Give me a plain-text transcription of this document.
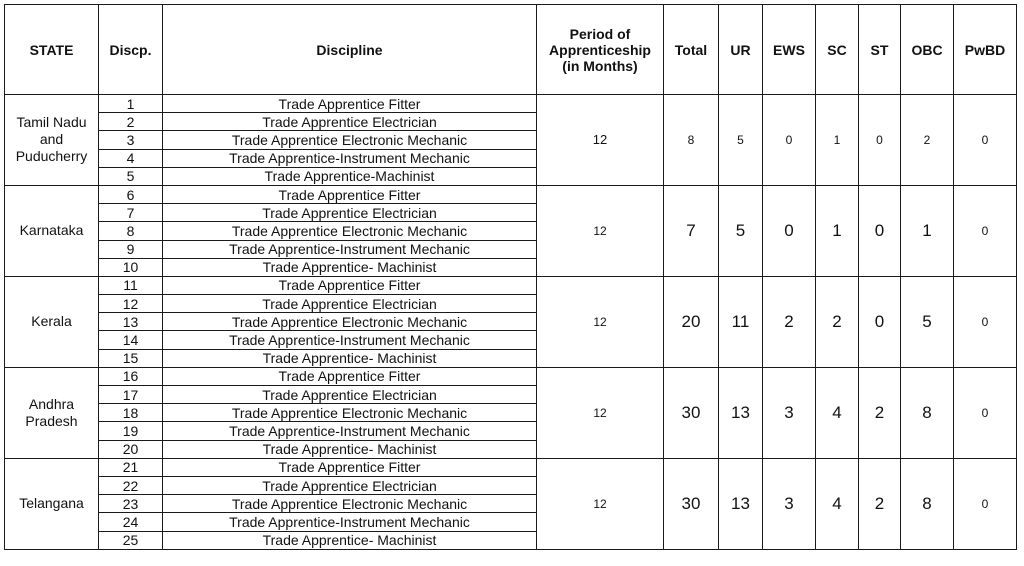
STATE	Discp.	Discipline	Period of
Apprenticeship
(in Months)	Total	UR	EWS	SC	ST	OBC	PwBD

Tamil Nadu
and
Puducherry	1	Trade Apprentice Fitter	12	8	5	0	1	0	2	0
	2	Trade Apprentice Electrician								
	3	Trade Apprentice Electronic Mechanic								
	4	Trade Apprentice-Instrument Mechanic								
	5	Trade Apprentice-Machinist								

Karnataka	6	Trade Apprentice Fitter	12	7	5	0	1	0	1	0
	7	Trade Apprentice Electrician								
	8	Trade Apprentice Electronic Mechanic								
	9	Trade Apprentice-Instrument Mechanic								
	10	Trade Apprentice- Machinist								

Kerala	11	Trade Apprentice Fitter	12	20	11	2	2	0	5	0
	12	Trade Apprentice Electrician								
	13	Trade Apprentice Electronic Mechanic								
	14	Trade Apprentice-Instrument Mechanic								
	15	Trade Apprentice- Machinist								

Andhra
Pradesh	16	Trade Apprentice Fitter	12	30	13	3	4	2	8	0
	17	Trade Apprentice Electrician								
	18	Trade Apprentice Electronic Mechanic								
	19	Trade Apprentice-Instrument Mechanic								
	20	Trade Apprentice- Machinist								

Telangana	21	Trade Apprentice Fitter	12	30	13	3	4	2	8	0
	22	Trade Apprentice Electrician								
	23	Trade Apprentice Electronic Mechanic								
	24	Trade Apprentice-Instrument Mechanic								
	25	Trade Apprentice- Machinist								
